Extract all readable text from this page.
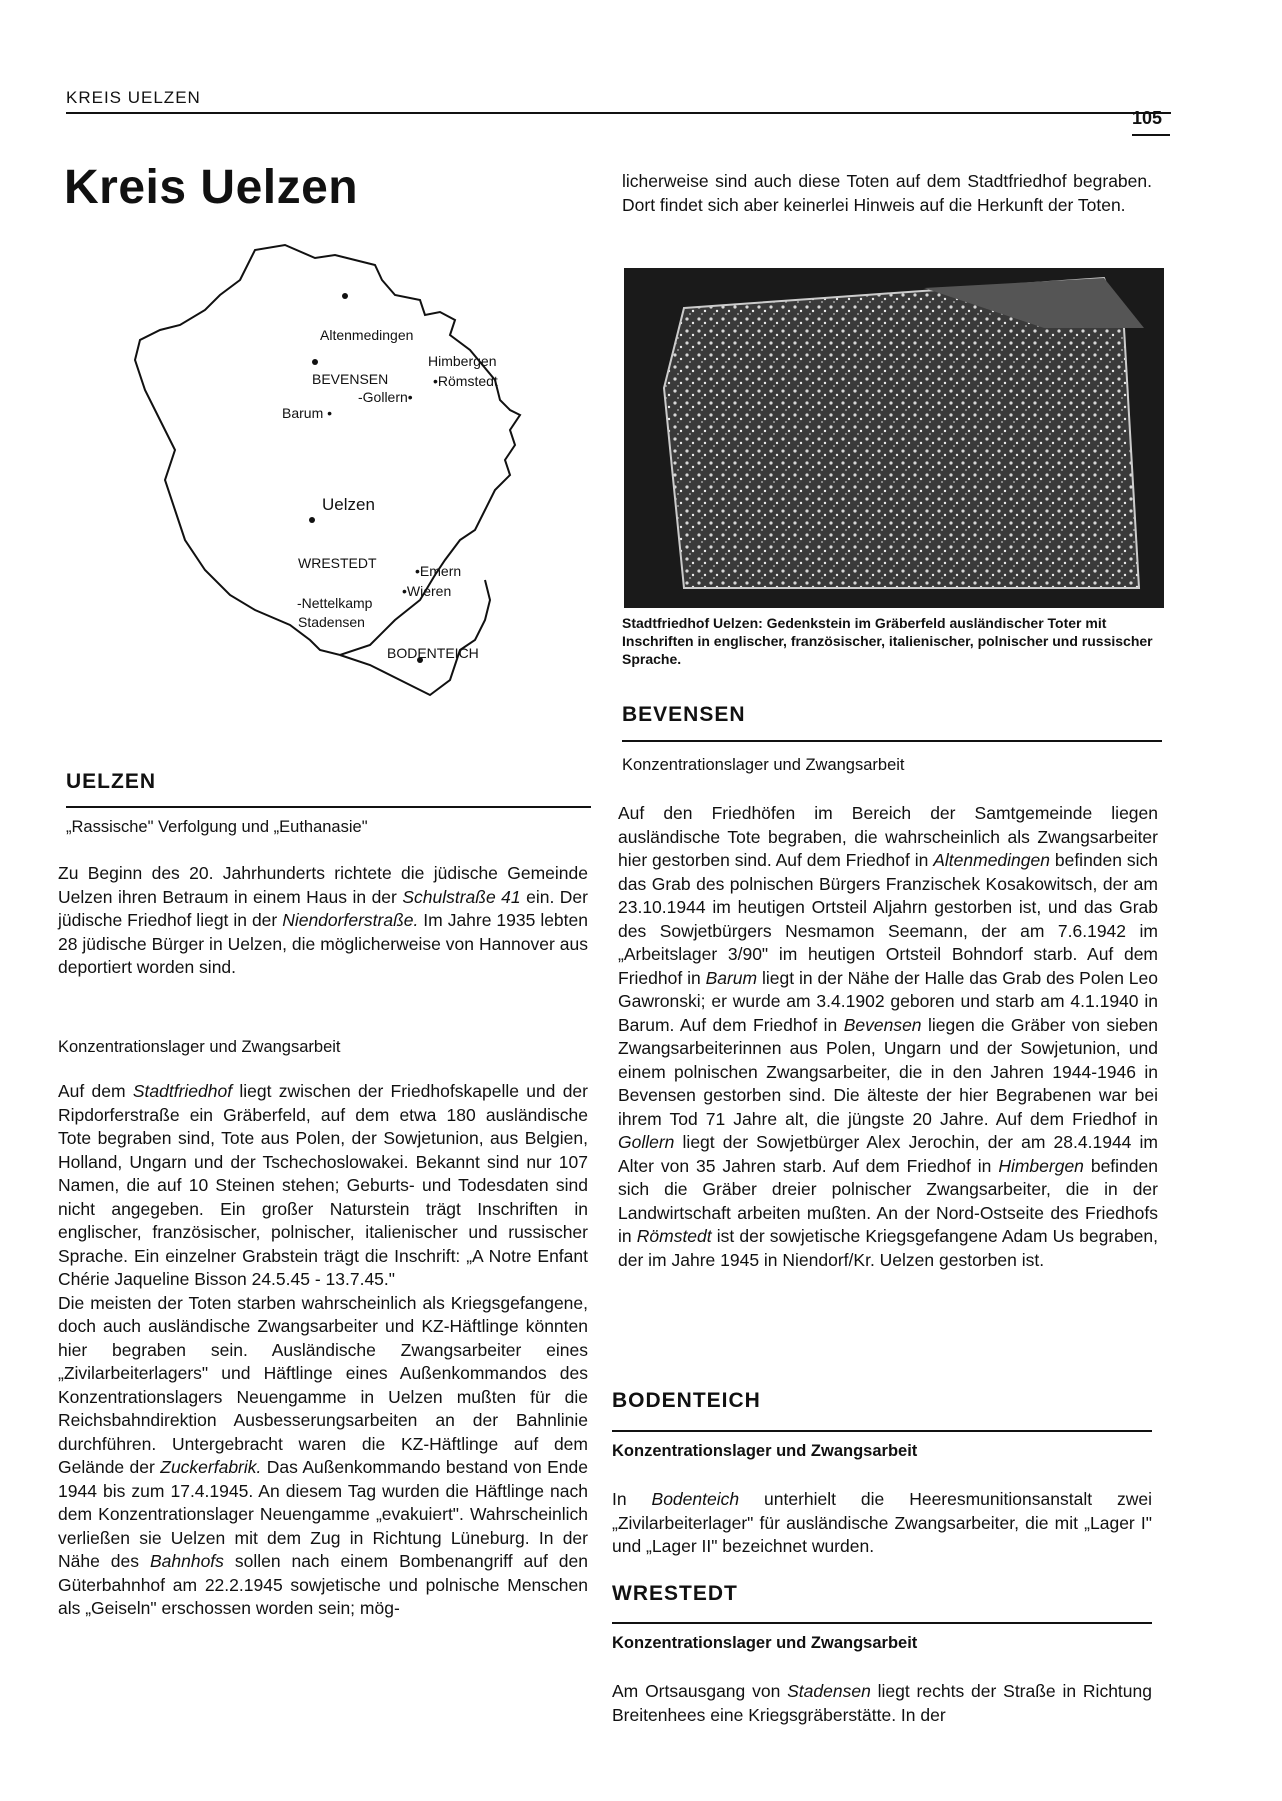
KREIS UELZEN
105
Kreis Uelzen
Altenmedingen
Himbergen
BEVENSEN	•Römstedt
-Gollern•
Barum •
Uelzen
WRESTEDT	•Emern
•Wieren
-Nettelkamp
Stadensen
BODENTEICH
UELZEN
„Rassische" Verfolgung und „Euthanasie"

Zu Beginn des 20. Jahrhunderts richtete die jüdische Gemeinde Uelzen ihren Betraum in einem Haus in der Schulstraße 41 ein. Der jüdische Friedhof liegt in der Niendorferstraße. Im Jahre 1935 lebten 28 jüdische Bürger in Uelzen, die möglicherweise von Hannover aus deportiert worden sind.

Konzentrationslager und Zwangsarbeit

Auf dem Stadtfriedhof liegt zwischen der Friedhofskapelle und der Ripdorferstraße ein Gräberfeld, auf dem etwa 180 ausländische Tote begraben sind, Tote aus Polen, der Sowjetunion, aus Belgien, Holland, Ungarn und der Tschechoslowakei. Bekannt sind nur 107 Namen, die auf 10 Steinen stehen; Geburts- und Todesdaten sind nicht angegeben. Ein großer Naturstein trägt Inschriften in englischer, französischer, polnischer, italienischer und russischer Sprache. Ein einzelner Grabstein trägt die Inschrift: „A Notre Enfant Chérie Jaqueline Bisson 24.5.45 - 13.7.45."

Die meisten der Toten starben wahrscheinlich als Kriegsgefangene, doch auch ausländische Zwangsarbeiter und KZ-Häftlinge könnten hier begraben sein. Ausländische Zwangsarbeiter eines „Zivilarbeiterlagers" und Häftlinge eines Außenkommandos des Konzentrationslagers Neuengamme in Uelzen mußten für die Reichsbahndirektion Ausbesserungsarbeiten an der Bahnlinie durchführen. Untergebracht waren die KZ-Häftlinge auf dem Gelände der Zuckerfabrik. Das Außenkommando bestand von Ende 1944 bis zum 17.4.1945. An diesem Tag wurden die Häftlinge nach dem Konzentrationslager Neuengamme „evakuiert". Wahrscheinlich verließen sie Uelzen mit dem Zug in Richtung Lüneburg. In der Nähe des Bahnhofs sollen nach einem Bombenangriff auf den Güterbahnhof am 22.2.1945 sowjetische und polnische Menschen als „Geiseln" erschossen worden sein; mög-

licherweise sind auch diese Toten auf dem Stadtfriedhof begraben. Dort findet sich aber keinerlei Hinweis auf die Herkunft der Toten.

Stadtfriedhof Uelzen: Gedenkstein im Gräberfeld ausländischer Toter mit Inschriften in englischer, französischer, italienischer, polnischer und russischer Sprache.
BEVENSEN
Konzentrationslager und Zwangsarbeit

Auf den Friedhöfen im Bereich der Samtgemeinde liegen ausländische Tote begraben, die wahrscheinlich als Zwangsarbeiter hier gestorben sind. Auf dem Friedhof in Altenmedingen befinden sich das Grab des polnischen Bürgers Franzischek Kosakowitsch, der am 23.10.1944 im heutigen Ortsteil Aljahrn gestorben ist, und das Grab des Sowjetbürgers Nesmamon Seemann, der am 7.6.1942 im „Arbeitslager 3/90" im heutigen Ortsteil Bohndorf starb. Auf dem Friedhof in Barum liegt in der Nähe der Halle das Grab des Polen Leo Gawronski; er wurde am 3.4.1902 geboren und starb am 4.1.1940 in Barum. Auf dem Friedhof in Bevensen liegen die Gräber von sieben Zwangsarbeiterinnen aus Polen, Ungarn und der Sowjetunion, und einem polnischen Zwangsarbeiter, die in den Jahren 1944-1946 in Bevensen gestorben sind. Die älteste der hier Begrabenen war bei ihrem Tod 71 Jahre alt, die jüngste 20 Jahre. Auf dem Friedhof in Gollern liegt der Sowjetbürger Alex Jerochin, der am 28.4.1944 im Alter von 35 Jahren starb. Auf dem Friedhof in Himbergen befinden sich die Gräber dreier polnischer Zwangsarbeiter, die in der Landwirtschaft arbeiten mußten. An der Nord-Ostseite des Friedhofs in Römstedt ist der sowjetische Kriegsgefangene Adam Us begraben, der im Jahre 1945 in Niendorf/Kr. Uelzen gestorben ist.

BODENTEICH
Konzentrationslager und Zwangsarbeit

In Bodenteich unterhielt die Heeresmunitionsanstalt zwei „Zivilarbeiterlager" für ausländische Zwangsarbeiter, die mit „Lager I" und „Lager II" bezeichnet wurden.

WRESTEDT
Konzentrationslager und Zwangsarbeit

Am Ortsausgang von Stadensen liegt rechts der Straße in Richtung Breitenhees eine Kriegsgräberstätte. In der
